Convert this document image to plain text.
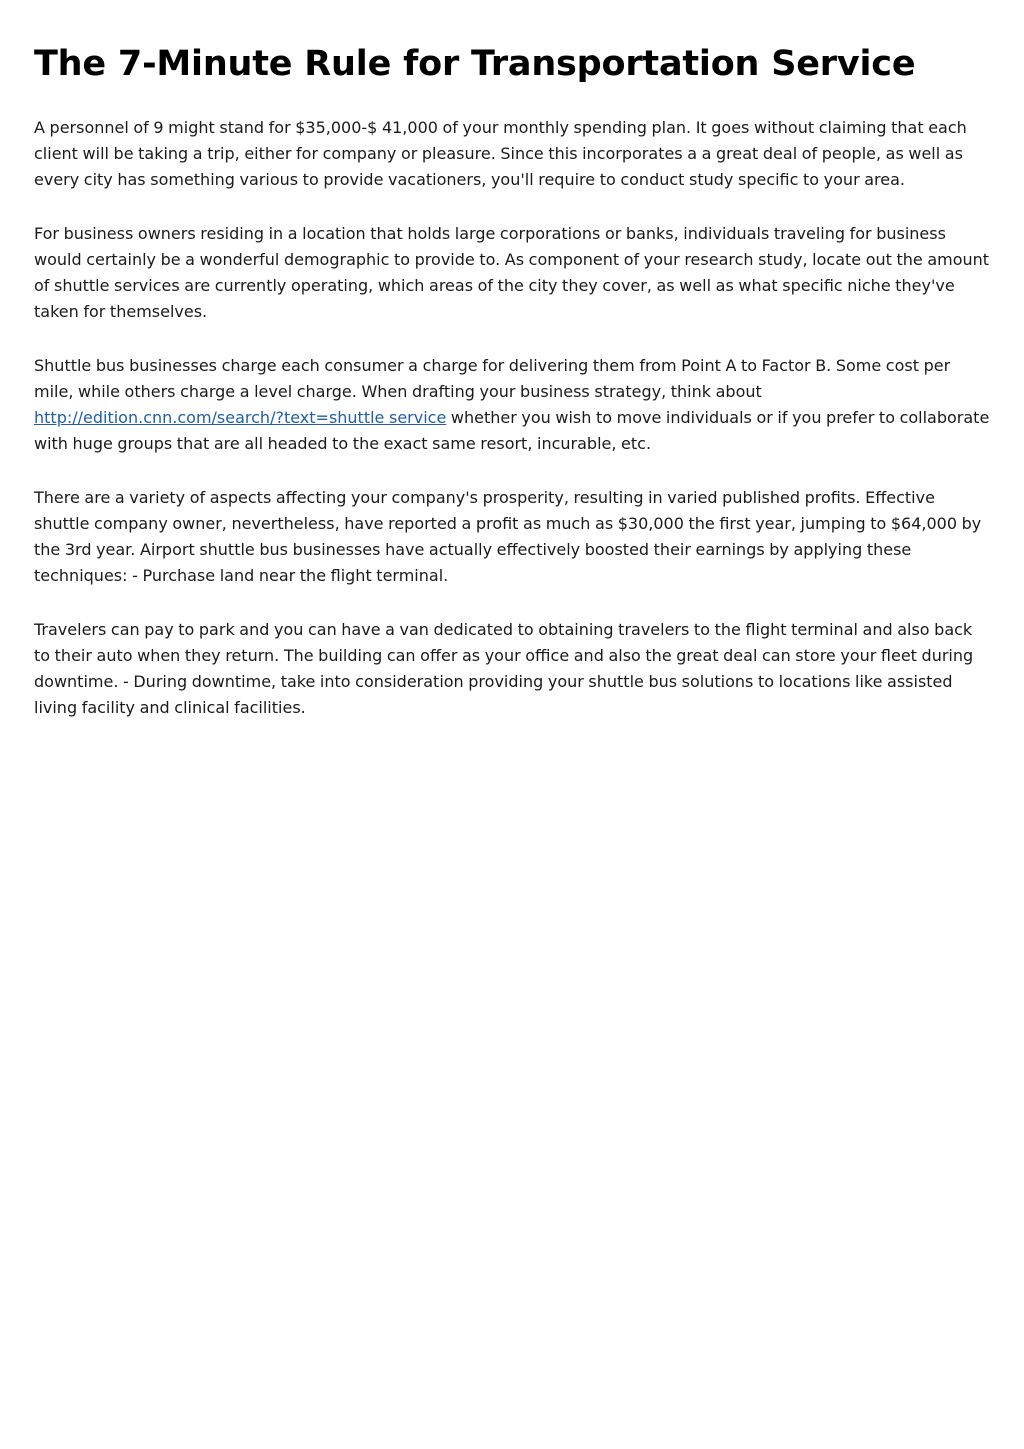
The 7-Minute Rule for Transportation Service

A personnel of 9 might stand for $35,000-$ 41,000 of your monthly spending plan. It goes without claiming that each client will be taking a trip, either for company or pleasure. Since this incorporates a a great deal of people, as well as every city has something various to provide vacationers, you'll require to conduct study specific to your area.

For business owners residing in a location that holds large corporations or banks, individuals traveling for business would certainly be a wonderful demographic to provide to. As component of your research study, locate out the amount of shuttle services are currently operating, which areas of the city they cover, as well as what specific niche they've taken for themselves.

Shuttle bus businesses charge each consumer a charge for delivering them from Point A to Factor B. Some cost per mile, while others charge a level charge. When drafting your business strategy, think about http://edition.cnn.com/search/?text=shuttle service whether you wish to move individuals or if you prefer to collaborate with huge groups that are all headed to the exact same resort, incurable, etc.

There are a variety of aspects affecting your company's prosperity, resulting in varied published profits. Effective shuttle company owner, nevertheless, have reported a profit as much as $30,000 the first year, jumping to $64,000 by the 3rd year. Airport shuttle bus businesses have actually effectively boosted their earnings by applying these techniques: - Purchase land near the flight terminal.

Travelers can pay to park and you can have a van dedicated to obtaining travelers to the flight terminal and also back to their auto when they return. The building can offer as your office and also the great deal can store your fleet during downtime. - During downtime, take into consideration providing your shuttle bus solutions to locations like assisted living facility and clinical facilities.
